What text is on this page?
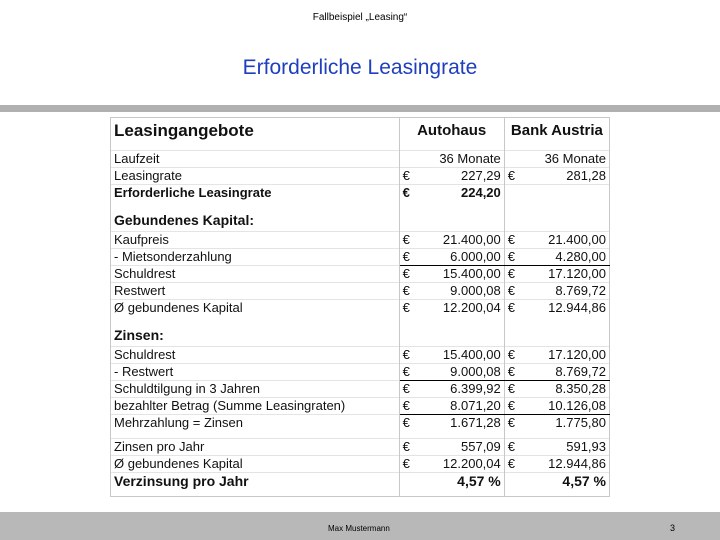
Fallbeispiel „Leasing“
Erforderliche Leasingrate
Leasingangebote	Autohaus		Bank Austria	

Laufzeit	36 Monate		36 Monate	
Leasingrate	€	227,29	€	281,28
Erforderliche Leasingrate	€	224,20		
Gebundenes Kapital:				
Kaufpreis	€	21.400,00	€	21.400,00
- Mietsonderzahlung	€	6.000,00	€	4.280,00
Schuldrest	€	15.400,00	€	17.120,00
Restwert	€	9.000,08	€	8.769,72
Ø gebundenes Kapital	€	12.200,04	€	12.944,86
Zinsen:				
Schuldrest	€	15.400,00	€	17.120,00
- Restwert	€	9.000,08	€	8.769,72
Schuldtilgung in 3 Jahren	€	6.399,92	€	8.350,28
bezahlter Betrag (Summe Leasingraten)	€	8.071,20	€	10.126,08
Mehrzahlung = Zinsen	€	1.671,28	€	1.775,80

Zinsen pro Jahr	€	557,09	€	591,93
Ø gebundenes Kapital	€	12.200,04	€	12.944,86
Verzinsung pro Jahr	4,57 %		4,57 %	

Max Mustermann	3
